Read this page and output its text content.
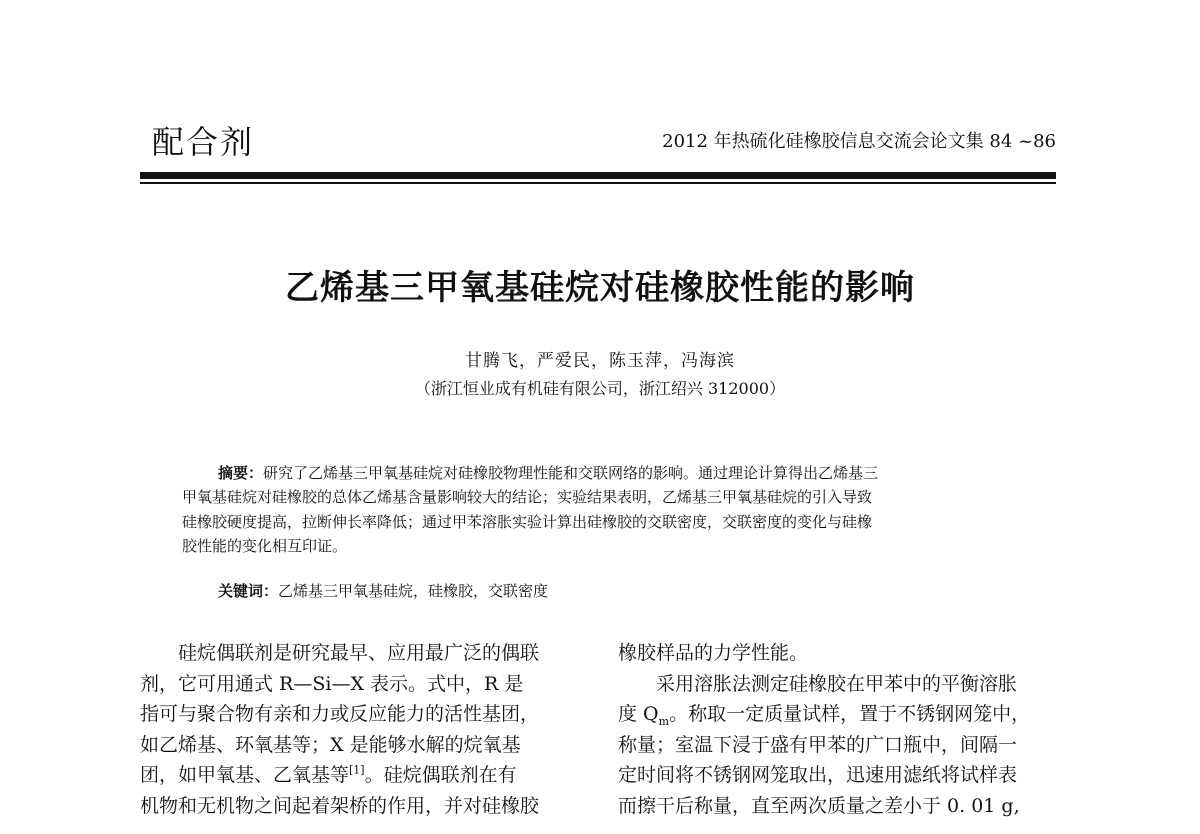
配合剂	2012 年热硫化硅橡胶信息交流会论文集 84 ~86
乙烯基三甲氧基硅烷对硅橡胶性能的影响
甘腾飞，严爱民，陈玉萍，冯海滨
（浙江恒业成有机硅有限公司，浙江绍兴 312000）
摘要：研究了乙烯基三甲氧基硅烷对硅橡胶物理性能和交联网络的影响。通过理论计算得出乙烯基三
甲氧基硅烷对硅橡胶的总体乙烯基含量影响较大的结论；实验结果表明，乙烯基三甲氧基硅烷的引入导致
硅橡胶硬度提高，拉断伸长率降低；通过甲苯溶胀实验计算出硅橡胶的交联密度，交联密度的变化与硅橡
胶性能的变化相互印证。
关键词：乙烯基三甲氧基硅烷，硅橡胶，交联密度
硅烷偶联剂是研究最早、应用最广泛的偶联
剂，它可用通式 R—Si—X 表示。式中，R 是
指可与聚合物有亲和力或反应能力的活性基团，
如乙烯基、环氧基等；X 是能够水解的烷氧基
团，如甲氧基、乙氧基等[1]。硅烷偶联剂在有
机物和无机物之间起着架桥的作用，并对硅橡胶
橡胶样品的力学性能。
采用溶胀法测定硅橡胶在甲苯中的平衡溶胀
度 $Q_m$。称取一定质量试样，置于不锈钢网笼中，
称量；室温下浸于盛有甲苯的广口瓶中，间隔一
定时间将不锈钢网笼取出，迅速用滤纸将试样表
而擦干后称量，直至两次质量之差小于 0. 01 g,
